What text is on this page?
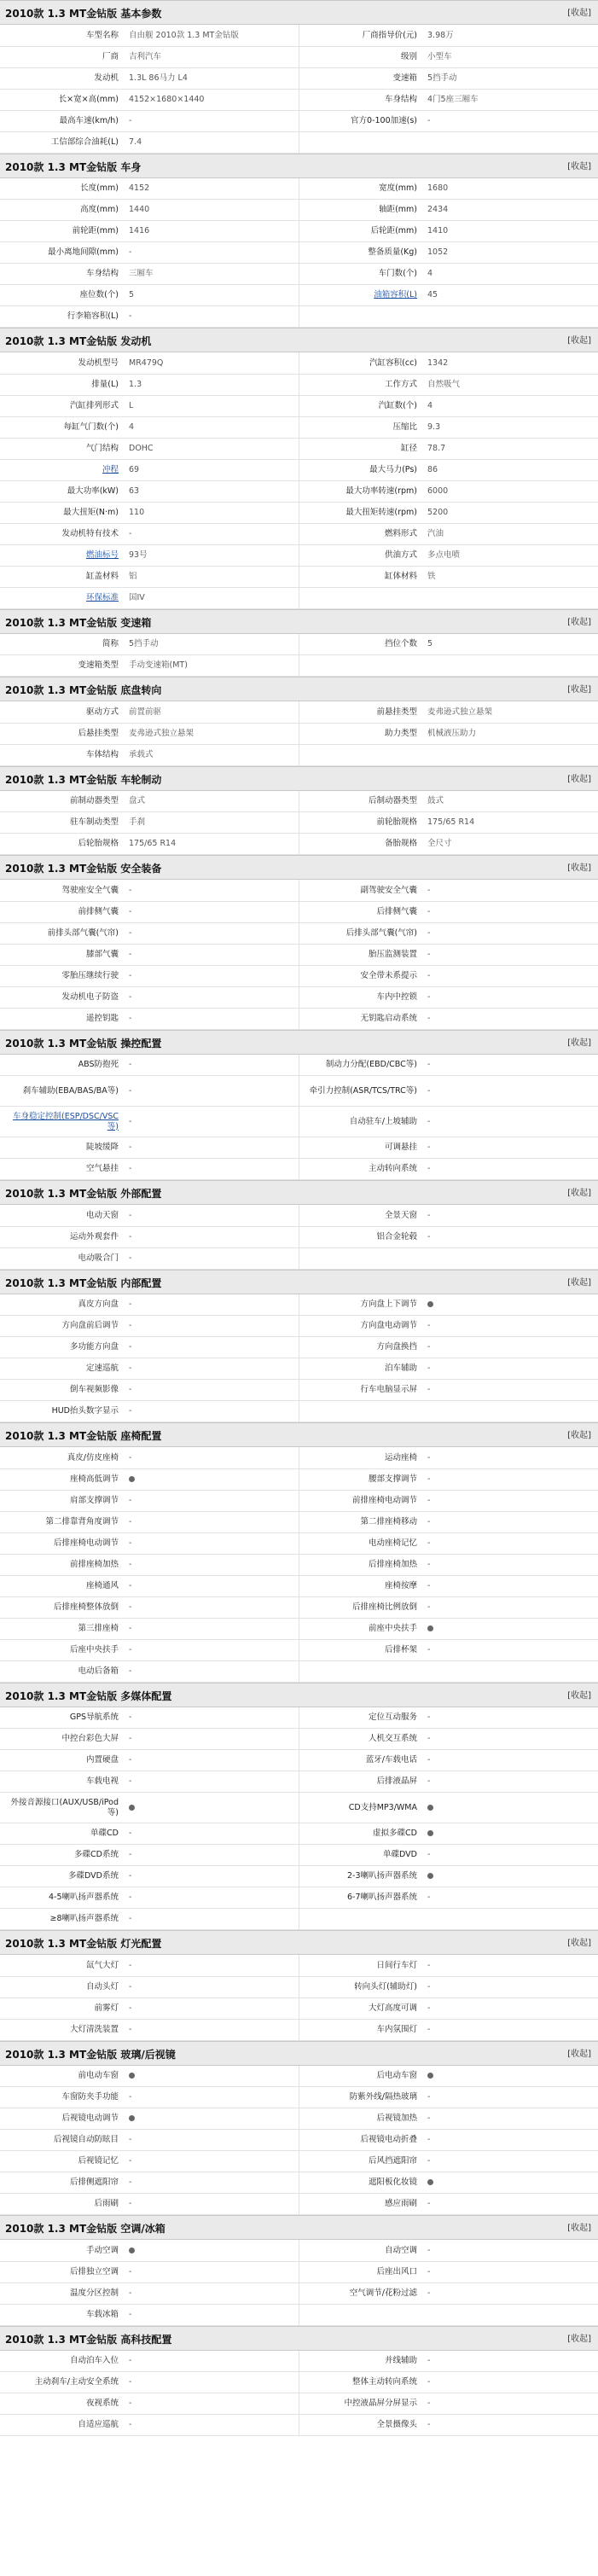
2010款 1.3 MT金钻版 基本参数	[收起]
车型名称	自由舰 2010款 1.3 MT金钻版	厂商指导价(元)	3.98万
厂商	吉利汽车	级别	小型车
发动机	1.3L 86马力 L4	变速箱	5挡手动
长×宽×高(mm)	4152×1680×1440	车身结构	4门5座三厢车
最高车速(km/h)	-	官方0-100加速(s)	-
工信部综合油耗(L)	7.4		
2010款 1.3 MT金钻版 车身	[收起]
长度(mm)	4152	宽度(mm)	1680
高度(mm)	1440	轴距(mm)	2434
前轮距(mm)	1416	后轮距(mm)	1410
最小离地间隙(mm)	-	整备质量(Kg)	1052
车身结构	三厢车	车门数(个)	4
座位数(个)	5	油箱容积(L)	45
行李箱容积(L)	-		
2010款 1.3 MT金钻版 发动机	[收起]
发动机型号	MR479Q	汽缸容积(cc)	1342
排量(L)	1.3	工作方式	自然吸气
汽缸排列形式	L	汽缸数(个)	4
每缸气门数(个)	4	压缩比	9.3
气门结构	DOHC	缸径	78.7
冲程	69	最大马力(Ps)	86
最大功率(kW)	63	最大功率转速(rpm)	6000
最大扭矩(N·m)	110	最大扭矩转速(rpm)	5200
发动机特有技术	-	燃料形式	汽油
燃油标号	93号	供油方式	多点电喷
缸盖材料	铝	缸体材料	铁
环保标准	国IV		
2010款 1.3 MT金钻版 变速箱	[收起]
简称	5挡手动	挡位个数	5
变速箱类型	手动变速箱(MT)		
2010款 1.3 MT金钻版 底盘转向	[收起]
驱动方式	前置前驱	前悬挂类型	麦弗逊式独立悬架
后悬挂类型	麦弗逊式独立悬架	助力类型	机械液压助力
车体结构	承载式		
2010款 1.3 MT金钻版 车轮制动	[收起]
前制动器类型	盘式	后制动器类型	鼓式
驻车制动类型	手刹	前轮胎规格	175/65 R14
后轮胎规格	175/65 R14	备胎规格	全尺寸
2010款 1.3 MT金钻版 安全装备	[收起]
驾驶座安全气囊	-	副驾驶安全气囊	-
前排侧气囊	-	后排侧气囊	-
前排头部气囊(气帘)	-	后排头部气囊(气帘)	-
膝部气囊	-	胎压监测装置	-
零胎压继续行驶	-	安全带未系提示	-
发动机电子防盗	-	车内中控锁	-
遥控钥匙	-	无钥匙启动系统	-
2010款 1.3 MT金钻版 操控配置	[收起]
ABS防抱死	-	制动力分配(EBD/CBC等)	-
刹车辅助(EBA/BAS/BA等)	-	牵引力控制(ASR/TCS/TRC等)	-
车身稳定控制(ESP/DSC/VSC等)	-	自动驻车/上坡辅助	-
陡坡缓降	-	可调悬挂	-
空气悬挂	-	主动转向系统	-
2010款 1.3 MT金钻版 外部配置	[收起]
电动天窗	-	全景天窗	-
运动外观套件	-	铝合金轮毂	-
电动吸合门	-		
2010款 1.3 MT金钻版 内部配置	[收起]
真皮方向盘	-	方向盘上下调节	
方向盘前后调节	-	方向盘电动调节	-
多功能方向盘	-	方向盘换挡	-
定速巡航	-	泊车辅助	-
倒车视频影像	-	行车电脑显示屏	-
HUD抬头数字显示	-		
2010款 1.3 MT金钻版 座椅配置	[收起]
真皮/仿皮座椅	-	运动座椅	-
座椅高低调节		腰部支撑调节	-
肩部支撑调节	-	前排座椅电动调节	-
第二排靠背角度调节	-	第二排座椅移动	-
后排座椅电动调节	-	电动座椅记忆	-
前排座椅加热	-	后排座椅加热	-
座椅通风	-	座椅按摩	-
后排座椅整体放倒	-	后排座椅比例放倒	-
第三排座椅	-	前座中央扶手	
后座中央扶手	-	后排杯架	-
电动后备箱	-		
2010款 1.3 MT金钻版 多媒体配置	[收起]
GPS导航系统	-	定位互动服务	-
中控台彩色大屏	-	人机交互系统	-
内置硬盘	-	蓝牙/车载电话	-
车载电视	-	后排液晶屏	-
外接音源接口(AUX/USB/iPod等)		CD支持MP3/WMA	
单碟CD	-	虚拟多碟CD	
多碟CD系统	-	单碟DVD	-
多碟DVD系统	-	2-3喇叭扬声器系统	
4-5喇叭扬声器系统	-	6-7喇叭扬声器系统	-
≥8喇叭扬声器系统	-		
2010款 1.3 MT金钻版 灯光配置	[收起]
氙气大灯	-	日间行车灯	-
自动头灯	-	转向头灯(辅助灯)	-
前雾灯	-	大灯高度可调	-
大灯清洗装置	-	车内氛围灯	-
2010款 1.3 MT金钻版 玻璃/后视镜	[收起]
前电动车窗		后电动车窗	
车窗防夹手功能	-	防紫外线/隔热玻璃	-
后视镜电动调节		后视镜加热	-
后视镜自动防眩目	-	后视镜电动折叠	-
后视镜记忆	-	后风挡遮阳帘	-
后排侧遮阳帘	-	遮阳板化妆镜	
后雨刷	-	感应雨刷	-
2010款 1.3 MT金钻版 空调/冰箱	[收起]
手动空调		自动空调	-
后排独立空调	-	后座出风口	-
温度分区控制	-	空气调节/花粉过滤	-
车载冰箱	-		
2010款 1.3 MT金钻版 高科技配置	[收起]
自动泊车入位	-	并线辅助	-
主动刹车/主动安全系统	-	整体主动转向系统	-
夜视系统	-	中控液晶屏分屏显示	-
自适应巡航	-	全景摄像头	-
